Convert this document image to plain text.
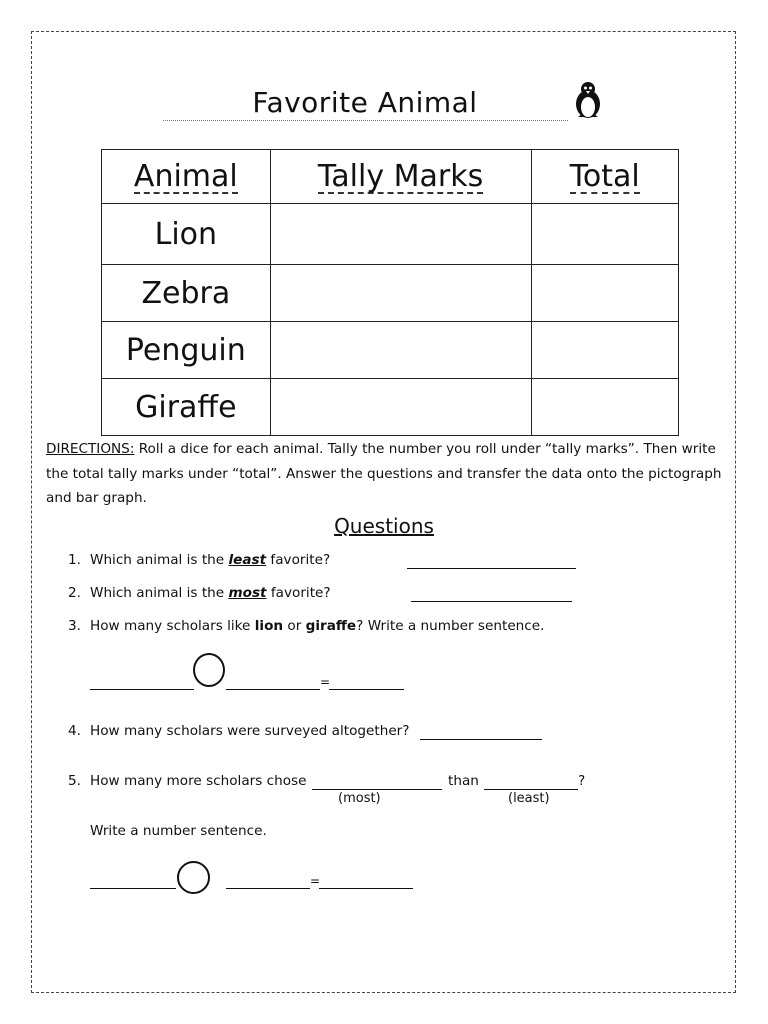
Favorite Animal
Animal	Tally Marks	Total
Lion		
Zebra		
Penguin		
Giraffe		
DIRECTIONS: Roll a dice for each animal. Tally the number you roll under “tally marks”. Then write the total tally marks under “total”. Answer the questions and transfer the data onto the pictograph and bar graph.
Questions
1. Which animal is the least favorite?
2. Which animal is the most favorite?
3. How many scholars like lion or giraffe? Write a number sentence.
=
4. How many scholars were surveyed altogether?
5. How many more scholars chose	than	?
(most)	(least)
Write a number sentence.
=
